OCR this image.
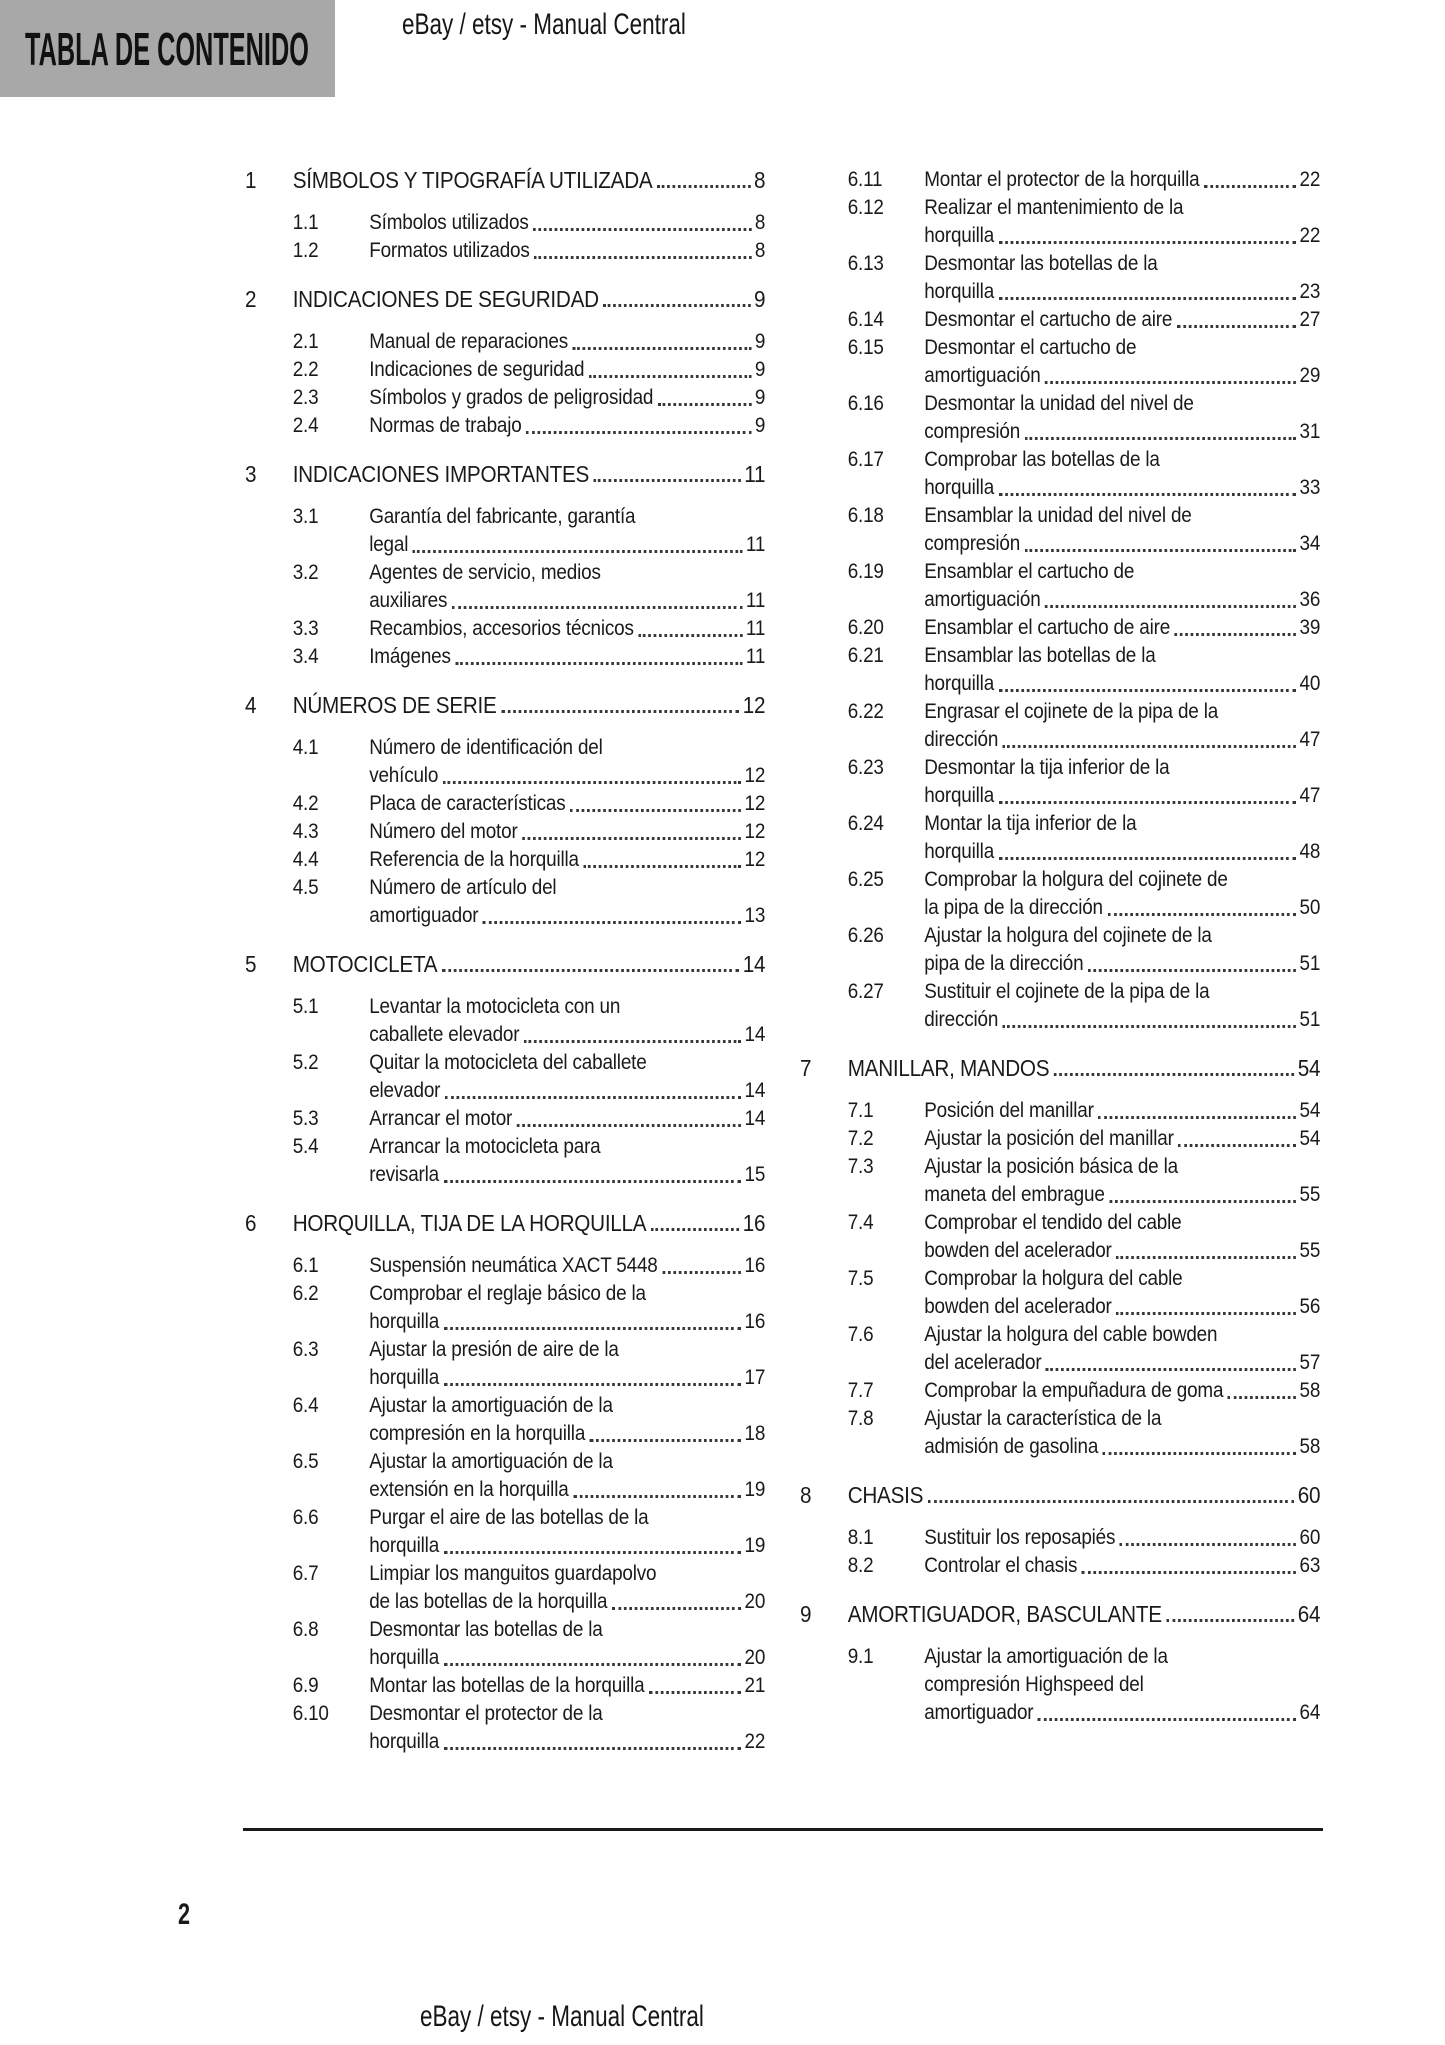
TABLA DE CONTENIDO	eBay / etsy - Manual Central
1	SÍMBOLOS Y TIPOGRAFÍA UTILIZADA	8
1.1	Símbolos utilizados	8
1.2	Formatos utilizados	8
2	INDICACIONES DE SEGURIDAD	9
2.1	Manual de reparaciones	9
2.2	Indicaciones de seguridad	9
2.3	Símbolos y grados de peligrosidad	9
2.4	Normas de trabajo	9
3	INDICACIONES IMPORTANTES	11
3.1	Garantía del fabricante, garantía
legal	11
3.2	Agentes de servicio, medios
auxiliares	11
3.3	Recambios, accesorios técnicos	11
3.4	Imágenes	11
4	NÚMEROS DE SERIE	12
4.1	Número de identificación del
vehículo	12
4.2	Placa de características	12
4.3	Número del motor	12
4.4	Referencia de la horquilla	12
4.5	Número de artículo del
amortiguador	13
5	MOTOCICLETA	14
5.1	Levantar la motocicleta con un
caballete elevador	14
5.2	Quitar la motocicleta del caballete
elevador	14
5.3	Arrancar el motor	14
5.4	Arrancar la motocicleta para
revisarla	15
6	HORQUILLA, TIJA DE LA HORQUILLA	16
6.1	Suspensión neumática XACT 5448	16
6.2	Comprobar el reglaje básico de la
horquilla	16
6.3	Ajustar la presión de aire de la
horquilla	17
6.4	Ajustar la amortiguación de la
compresión en la horquilla	18
6.5	Ajustar la amortiguación de la
extensión en la horquilla	19
6.6	Purgar el aire de las botellas de la
horquilla	19
6.7	Limpiar los manguitos guardapolvo
de las botellas de la horquilla	20
6.8	Desmontar las botellas de la
horquilla	20
6.9	Montar las botellas de la horquilla	21
6.10	Desmontar el protector de la
horquilla	22
6.11	Montar el protector de la horquilla	22
6.12	Realizar el mantenimiento de la
horquilla	22
6.13	Desmontar las botellas de la
horquilla	23
6.14	Desmontar el cartucho de aire	27
6.15	Desmontar el cartucho de
amortiguación	29
6.16	Desmontar la unidad del nivel de
compresión	31
6.17	Comprobar las botellas de la
horquilla	33
6.18	Ensamblar la unidad del nivel de
compresión	34
6.19	Ensamblar el cartucho de
amortiguación	36
6.20	Ensamblar el cartucho de aire	39
6.21	Ensamblar las botellas de la
horquilla	40
6.22	Engrasar el cojinete de la pipa de la
dirección	47
6.23	Desmontar la tija inferior de la
horquilla	47
6.24	Montar la tija inferior de la
horquilla	48
6.25	Comprobar la holgura del cojinete de
la pipa de la dirección	50
6.26	Ajustar la holgura del cojinete de la
pipa de la dirección	51
6.27	Sustituir el cojinete de la pipa de la
dirección	51
7	MANILLAR, MANDOS	54
7.1	Posición del manillar	54
7.2	Ajustar la posición del manillar	54
7.3	Ajustar la posición básica de la
maneta del embrague	55
7.4	Comprobar el tendido del cable
bowden del acelerador	55
7.5	Comprobar la holgura del cable
bowden del acelerador	56
7.6	Ajustar la holgura del cable bowden
del acelerador	57
7.7	Comprobar la empuñadura de goma	58
7.8	Ajustar la característica de la
admisión de gasolina	58
8	CHASIS	60
8.1	Sustituir los reposapiés	60
8.2	Controlar el chasis	63
9	AMORTIGUADOR, BASCULANTE	64
9.1	Ajustar la amortiguación de la
compresión Highspeed del
amortiguador	64
2
eBay / etsy - Manual Central
